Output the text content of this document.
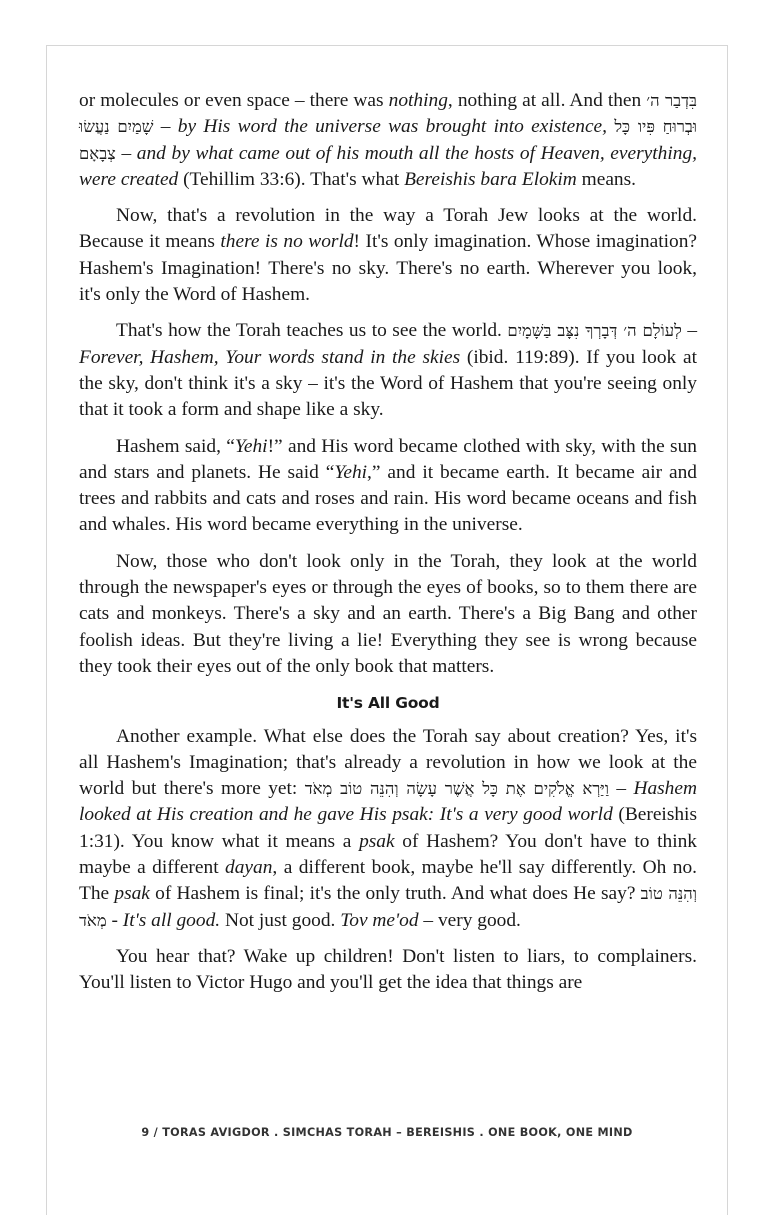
or molecules or even space – there was nothing, nothing at all. And then בִּדְבַר ה׳ שָׁמַיִם נַעֲשׂוּ – by His word the universe was brought into existence, וּבְרוּחַ פִּיו כָּל צְבָאָם – and by what came out of his mouth all the hosts of Heaven, everything, were created (Tehillim 33:6). That's what Bereishis bara Elokim means.

Now, that's a revolution in the way a Torah Jew looks at the world. Because it means there is no world! It's only imagination. Whose imagination? Hashem's Imagination! There's no sky. There's no earth. Wherever you look, it's only the Word of Hashem.

That's how the Torah teaches us to see the world. לְעוֹלָם ה׳ דְּבָרְךָ נִצָּב בַּשָּׁמָיִם – Forever, Hashem, Your words stand in the skies (ibid. 119:89). If you look at the sky, don't think it's a sky – it's the Word of Hashem that you're seeing only that it took a form and shape like a sky.

Hashem said, “Yehi!” and His word became clothed with sky, with the sun and stars and planets. He said “Yehi,” and it became earth. It became air and trees and rabbits and cats and roses and rain. His word became oceans and fish and whales. His word became everything in the universe.

Now, those who don't look only in the Torah, they look at the world through the newspaper's eyes or through the eyes of books, so to them there are cats and monkeys. There's a sky and an earth. There's a Big Bang and other foolish ideas. But they're living a lie! Everything they see is wrong because they took their eyes out of the only book that matters.

It's All Good

Another example. What else does the Torah say about creation? Yes, it's all Hashem's Imagination; that's already a revolution in how we look at the world but there's more yet: וַיַּרְא אֱלֹקִים אֶת כָּל אֲשֶׁר עָשָׂה וְהִנֵּה טוֹב מְאֹד – Hashem looked at His creation and he gave His psak: It's a very good world (Bereishis 1:31). You know what it means a psak of Hashem? You don't have to think maybe a different dayan, a different book, maybe he'll say differently. Oh no. The psak of Hashem is final; it's the only truth. And what does He say? וְהִנֵּה טוֹב מְאֹד - It's all good. Not just good. Tov me'od – very good.

You hear that? Wake up children! Don't listen to liars, to complainers. You'll listen to Victor Hugo and you'll get the idea that things are

9 / TORAS AVIGDOR . SIMCHAS TORAH – BEREISHIS . ONE BOOK, ONE MIND
